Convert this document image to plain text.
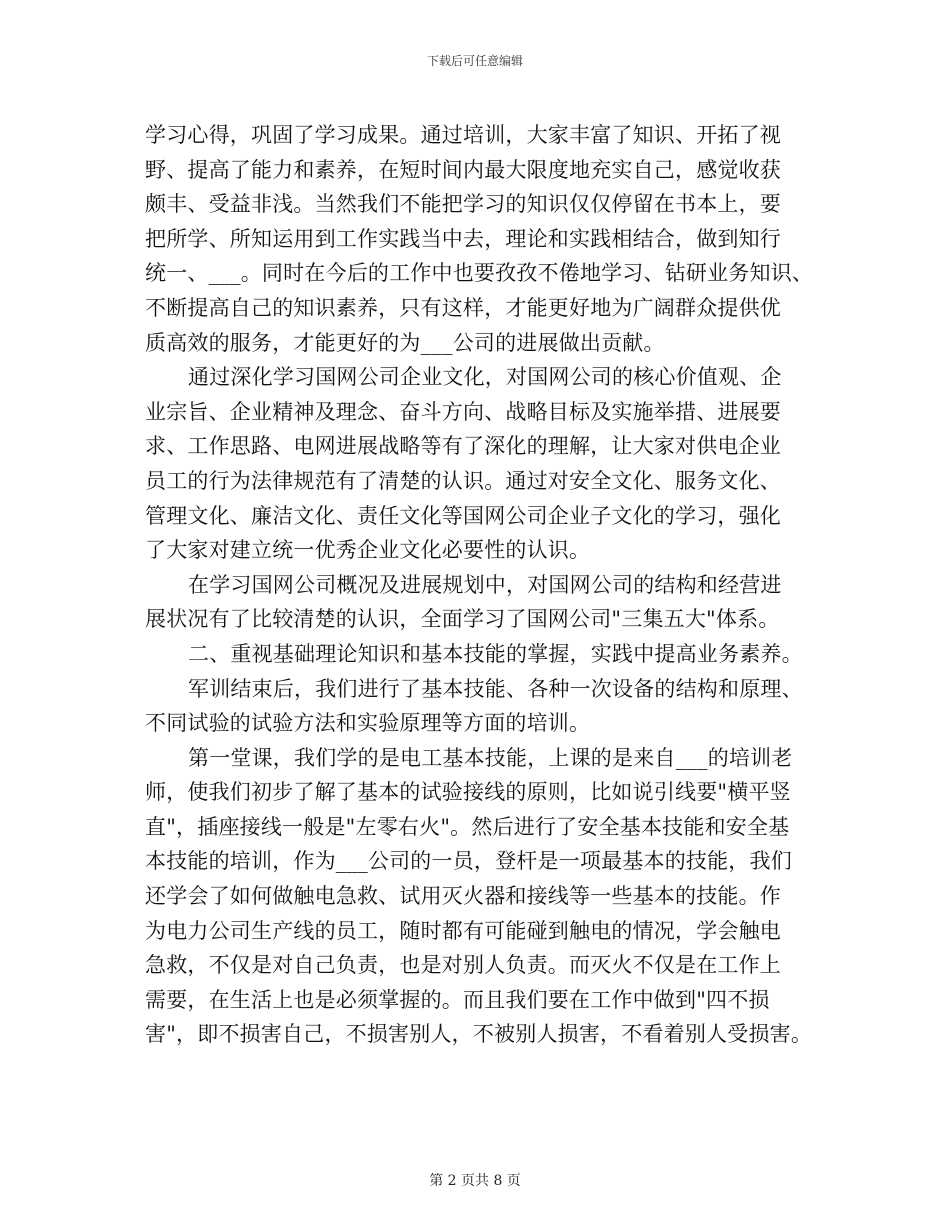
下载后可任意编辑
学习心得，巩固了学习成果。通过培训，大家丰富了知识、开拓了视
野、提高了能力和素养，在短时间内最大限度地充实自己，感觉收获
颇丰、受益非浅。当然我们不能把学习的知识仅仅停留在书本上，要
把所学、所知运用到工作实践当中去，理论和实践相结合，做到知行
统一、___。同时在今后的工作中也要孜孜不倦地学习、钻研业务知识、
不断提高自己的知识素养，只有这样，才能更好地为广阔群众提供优
质高效的服务，才能更好的为___公司的进展做出贡献。
通过深化学习国网公司企业文化，对国网公司的核心价值观、企
业宗旨、企业精神及理念、奋斗方向、战略目标及实施举措、进展要
求、工作思路、电网进展战略等有了深化的理解，让大家对供电企业
员工的行为法律规范有了清楚的认识。通过对安全文化、服务文化、
管理文化、廉洁文化、责任文化等国网公司企业子文化的学习，强化
了大家对建立统一优秀企业文化必要性的认识。
在学习国网公司概况及进展规划中，对国网公司的结构和经营进
展状况有了比较清楚的认识，全面学习了国网公司"三集五大"体系。
二、重视基础理论知识和基本技能的掌握，实践中提高业务素养。
军训结束后，我们进行了基本技能、各种一次设备的结构和原理、
不同试验的试验方法和实验原理等方面的培训。
第一堂课，我们学的是电工基本技能，上课的是来自___的培训老
师，使我们初步了解了基本的试验接线的原则，比如说引线要"横平竖
直"，插座接线一般是"左零右火"。然后进行了安全基本技能和安全基
本技能的培训，作为___公司的一员，登杆是一项最基本的技能，我们
还学会了如何做触电急救、试用灭火器和接线等一些基本的技能。作
为电力公司生产线的员工，随时都有可能碰到触电的情况，学会触电
急救，不仅是对自己负责，也是对别人负责。而灭火不仅是在工作上
需要，在生活上也是必须掌握的。而且我们要在工作中做到"四不损
害"，即不损害自己，不损害别人，不被别人损害，不看着别人受损害。
第 2 页共 8 页
